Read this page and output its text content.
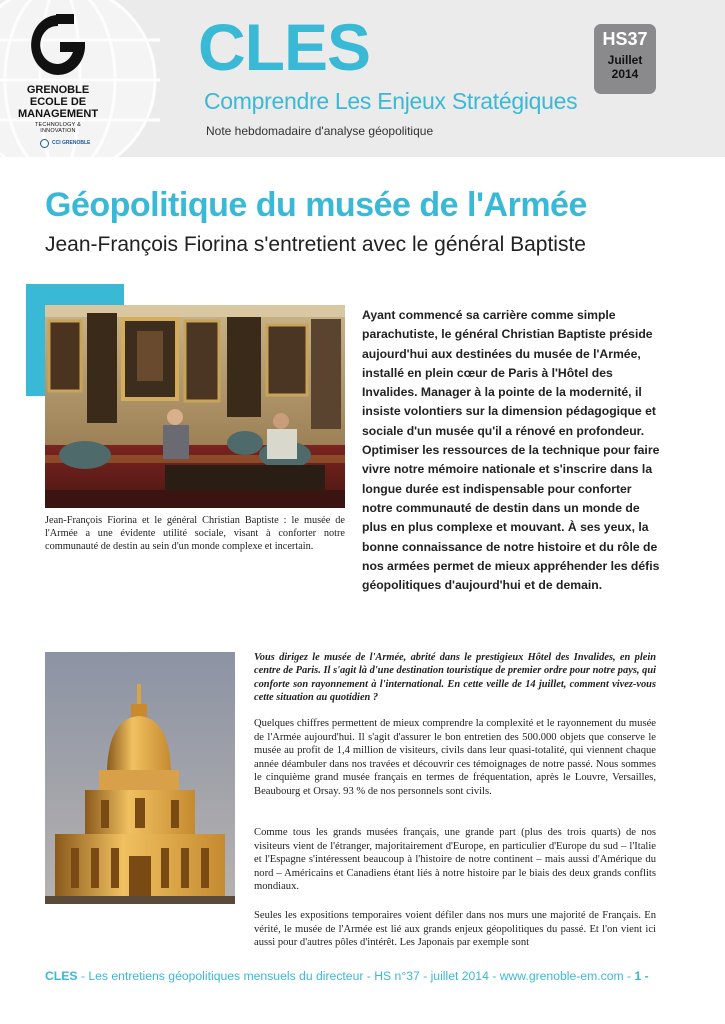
GRENOBLE
ECOLE DE
MANAGEMENT
TECHNOLOGY & INNOVATION
CCI GRENOBLE
CLES
Comprendre Les Enjeux Stratégiques
Note hebdomadaire d'analyse géopolitique
HS37
Juillet
2014
Géopolitique du musée de l'Armée
Jean-François Fiorina s'entretient avec le général Baptiste
Jean-François Fiorina et le général Christian Baptiste : le musée de l'Armée a une évidente utilité sociale, visant à conforter notre communauté de destin au sein d'un monde complexe et incertain.

Ayant commencé sa carrière comme simple parachutiste, le général Christian Baptiste préside aujourd'hui aux destinées du musée de l'Armée, installé en plein cœur de Paris à l'Hôtel des Invalides. Manager à la pointe de la modernité, il insiste volontiers sur la dimension pédagogique et sociale d'un musée qu'il a rénové en profondeur.

Optimiser les ressources de la technique pour faire vivre notre mémoire nationale et s'inscrire dans la longue durée est indispensable pour conforter notre communauté de destin dans un monde de plus en plus complexe et mouvant. À ses yeux, la bonne connaissance de notre histoire et du rôle de nos armées permet de mieux appréhender les défis géopolitiques d'aujourd'hui et de demain.

Vous dirigez le musée de l'Armée, abrité dans le prestigieux Hôtel des Invalides, en plein centre de Paris. Il s'agit là d'une destination touristique de premier ordre pour notre pays, qui conforte son rayonnement à l'international. En cette veille de 14 juillet, comment vivez-vous cette situation au quotidien ?
Quelques chiffres permettent de mieux comprendre la complexité et le rayonnement du musée de l'Armée aujourd'hui. Il s'agit d'assurer le bon entretien des 500.000 objets que conserve le musée au profit de 1,4 million de visiteurs, civils dans leur quasi-totalité, qui viennent chaque année déambuler dans nos travées et découvrir ces témoignages de notre passé. Nous sommes le cinquième grand musée français en termes de fréquentation, après le Louvre, Versailles, Beaubourg et Orsay. 93 % de nos personnels sont civils.
Comme tous les grands musées français, une grande part (plus des trois quarts) de nos visiteurs vient de l'étranger, majoritairement d'Europe, en particulier d'Europe du sud – l'Italie et l'Espagne s'intéressent beaucoup à l'histoire de notre continent – mais aussi d'Amérique du nord – Américains et Canadiens étant liés à notre histoire par le biais des deux grands conflits mondiaux.
Seules les expositions temporaires voient défiler dans nos murs une majorité de Français. En vérité, le musée de l'Armée est lié aux grands enjeux géopolitiques du passé. Et l'on vient ici aussi pour d'autres pôles d'intérêt. Les Japonais par exemple sont
CLES - Les entretiens géopolitiques mensuels du directeur - HS n°37 - juillet 2014 - www.grenoble-em.com - 1 -
